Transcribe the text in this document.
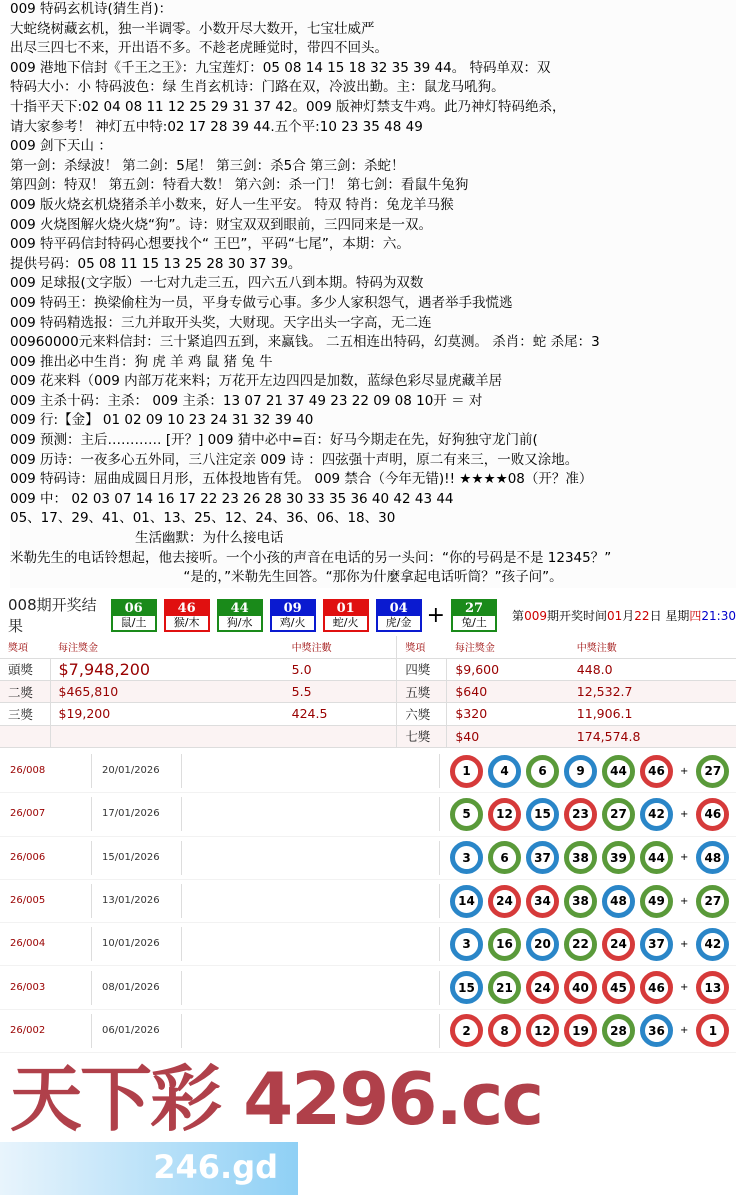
009 特码玄机诗(猜生肖)：
大蛇绕树藏玄机，独一半调零。小数开尽大数开，七宝壮威严
出尽三四七不来，开出语不多。不趁老虎睡觉时，带四不回头。
009 港地下信封《千王之王》：九宝莲灯：05 08 14 15 18 32 35 39 44。 特码单双：双
特码大小：小 特码波色：绿 生肖玄机诗：门路在双，冷波出勤。主：鼠龙马吼狗。
十指平天下:02 04 08 11 12 25 29 31 37 42。009 版神灯禁支牛鸡。此乃神灯特码绝杀，
请大家参考！ 神灯五中特:02 17 28 39 44.五个平:10 23 35 48 49
009 剑下天山 ：
第一剑：杀绿波！ 第二剑：5尾！ 第三剑：杀5合 第三剑：杀蛇！
第四剑：特双！ 第五剑：特看大数！ 第六剑：杀一门！ 第七剑：看鼠牛兔狗
009 版火烧玄机烧猪杀羊小数来，好人一生平安。 特双 特肖：兔龙羊马猴
009 火烧图解火烧火烧“狗”。诗：财宝双双到眼前，三四同来是一双。
009 特平码信封特码心想要找个“ 王巴”，平码“七尾”，本期：六。
提供号码：05 08 11 15 13 25 28 30 37 39。
009 足球报(文字版）一七对九走三五，四六五八到本期。特码为双数
009 特码王：换梁偷柱为一员，平身专做亏心事。多少人家积怨气，遇者举手我慌逃
009 特码精选报：三九并取开头奖，大财现。天字出头一字高，无二连
00960000元来料信封：三十紧追四五到，来赢钱。 二五相连出特码，幻莫测。 杀肖：蛇 杀尾：3
009 推出必中生肖：狗 虎 羊 鸡 鼠 猪 兔 牛
009 花来料（009 内部万花来料；万花开左边四四是加数，蓝绿色彩尽显虎藏羊居
009 主杀十码：主杀： 009 主杀：13 07 21 37 49 23 22 09 08 10开 ＝ 对
009 行:【金】 01 02 09 10 23 24 31 32 39 40
009 预测：主后………… [开？] 009 猜中必中=百：好马今期走在先，好狗独守龙门前(
009 历诗：一夜多心五外同，三八注定亲 009 诗 ：四弦强十声明，原二有来三，一败又涂地。
009 特码诗：屈曲成圆日月形，五体投地皆有凭。 009 禁合（今年无错)!! ★★★★08（开？准）
009 中： 02 03 07 14 16 17 22 23 26 28 30 33 35 36 40 42 43 44
05、17、29、41、01、13、25、12、24、36、06、18、30
生活幽默：为什么接电话
米勒先生的电话铃想起，他去接听。一个小孩的声音在电话的另一头问：“你的号码是不是 12345？”
“是的，”米勒先生回答。“那你为什麼拿起电话听筒？”孩子问”。
008期开奖结果
06
鼠/土
46
猴/木
44
狗/水
09
鸡/火
01
蛇/火
04
虎/金 +	27
兔/土	第009期开奖时间01月22日 星期四21:30
獎項	每注獎金	中獎注數	獎項	每注獎金	中獎注數
頭獎	$7,948,200	5.0	四獎	$9,600	448.0
二獎	$465,810	5.5	五獎	$640	12,532.7
三獎	$19,200	424.5	六獎	$320	11,906.1
			七獎	$40	174,574.8
26/008	20/01/2026	1	4	6	9	44 46 + 27
26/007	17/01/2026	5	12 15 23 27 42 + 46
26/006	15/01/2026	3	6	37 38 39 44 + 48
26/005	13/01/2026	14 24 34 38 48 49 + 27
26/004	10/01/2026	3	16 20 22 24 37 + 42
26/003	08/01/2026	15 21 24 40 45 46 + 13
26/002	06/01/2026	2	8	12 19 28 36 +	1
天下彩 4296.cc
246.gd
